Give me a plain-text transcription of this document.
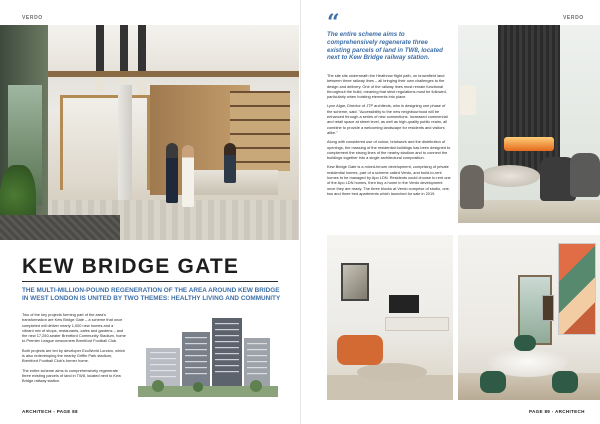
VERDO
KEW BRIDGE GATE
THE MULTI-MILLION-POUND REGENERATION OF THE AREA AROUND KEW BRIDGE IN WEST LONDON IS UNITED BY TWO THEMES: HEALTHY LIVING AND COMMUNITY

Two of the key projects forming part of the area's transformation are Kew Bridge Gate – a scheme that once completed will deliver nearly 1,000 new homes and a vibrant mix of shops, restaurants, cafes and gardens – and the new 17,250-seater Brentford Community Stadium, home to Premier League newcomers Brentford Football Club.

Both projects are led by developer EcoWorld London, which is also redeveloping the nearby Griffin Park stadium, Brentford Football Club's former home.

The entire scheme aims to comprehensively regenerate three existing parcels of land in TW8, located next to Kew Bridge railway station.

ARCHITECH - PAGE 88
VERDO
“
The entire scheme aims to comprehensively regenerate three existing parcels of land in TW8, located next to Kew Bridge railway station.

The site sits underneath the Heathrow flight path, on brownfield land between three railway lines – all bringing their own challenges to the design and delivery. One of the railway lines must remain functional throughout the build, meaning that strict regulations must be followed, particularly when hoisting elements into place.

Lynn Algar, Director of JTP architects, who is designing one phase of the scheme, said: "Accessibility to the new neighbourhood will be enhanced through a series of new connections. Increased commercial and retail space at street level, as well as high-quality public realm, all combine to provide a welcoming landscape for residents and visitors alike."

Along with considered use of colour, brickwork and the distribution of openings, the massing of the residential buildings has been designed to complement the strong lines of the nearby stadium and to connect the buildings together into a single architectural composition.

Kew Bridge Gate is a mixed-tenure development, comprising of private residential homes, part of a scheme called Verdo, and build-to-rent homes to be managed by Apo LDN. Residents could choose to rent one of the Apo LDN homes, then buy a home in the Verdo development once they are ready. The three blocks at Verdo comprise of studio, one, two and three bed apartments which launched for sale in 2019.

PAGE 89 - ARCHITECH
